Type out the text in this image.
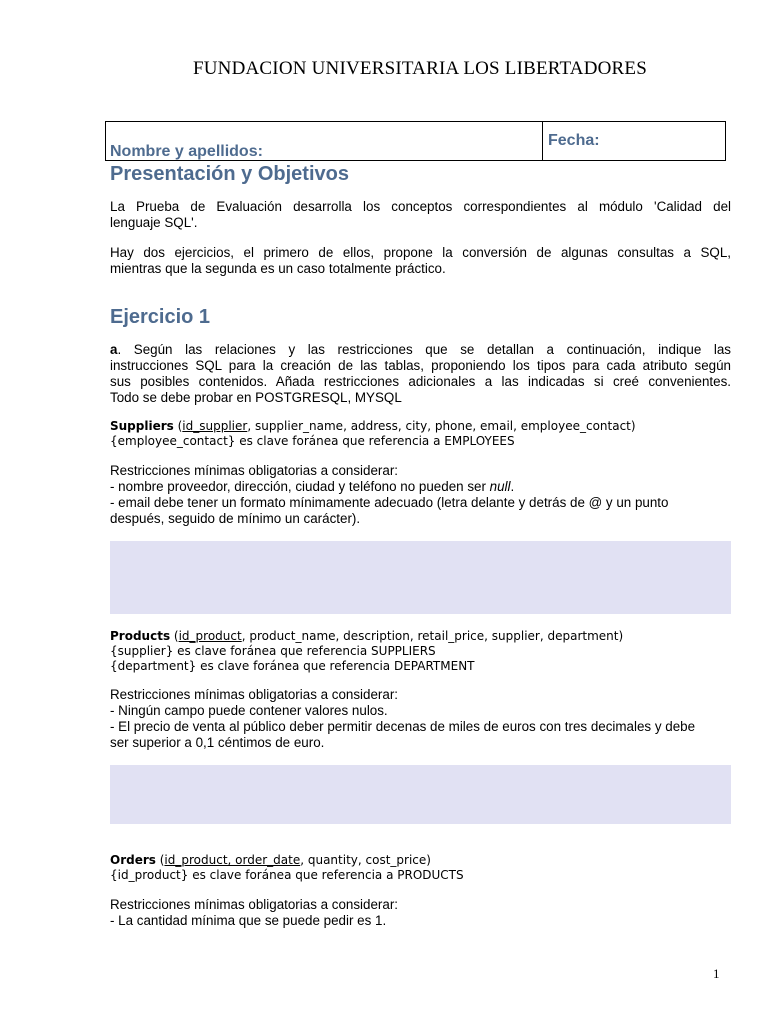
FUNDACION UNIVERSITARIA LOS LIBERTADORES
Nombre y apellidos:
Fecha:
Presentación y Objetivos
La Prueba de Evaluación desarrolla los conceptos correspondientes al módulo 'Calidad del
lenguaje SQL'.
Hay dos ejercicios, el primero de ellos, propone la conversión de algunas consultas a SQL,
mientras que la segunda es un caso totalmente práctico.
Ejercicio 1
a. Según las relaciones y las restricciones que se detallan a continuación, indique las
instrucciones SQL para la creación de las tablas, proponiendo los tipos para cada atributo según
sus posibles contenidos. Añada restricciones adicionales a las indicadas si creé convenientes.
Todo se debe probar en POSTGRESQL, MYSQL
Suppliers (id_supplier, supplier_name, address, city, phone, email, employee_contact)
{employee_contact} es clave foránea que referencia a EMPLOYEES
Restricciones mínimas obligatorias a considerar:
- nombre proveedor, dirección, ciudad y teléfono no pueden ser null.
- email debe tener un formato mínimamente adecuado (letra delante y detrás de @ y un punto
después, seguido de mínimo un carácter).
Products (id_product, product_name, description, retail_price, supplier, department)
{supplier} es clave foránea que referencia SUPPLIERS
{department} es clave foránea que referencia DEPARTMENT
Restricciones mínimas obligatorias a considerar:
- Ningún campo puede contener valores nulos.
- El precio de venta al público deber permitir decenas de miles de euros con tres decimales y debe
ser superior a 0,1 céntimos de euro.
Orders (id_product, order_date, quantity, cost_price)
{id_product} es clave foránea que referencia a PRODUCTS
Restricciones mínimas obligatorias a considerar:
- La cantidad mínima que se puede pedir es 1.
1
